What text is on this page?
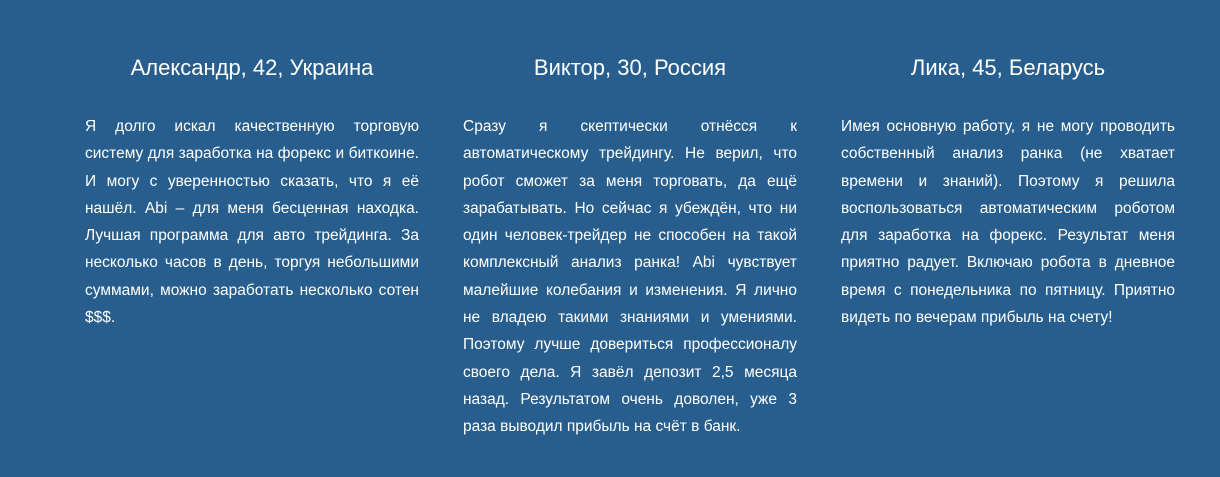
Александр, 42, Украина

Я долго искал качественную торговую систему для заработка на форекс и биткоине. И могу с уверенностью сказать, что я её нашёл. Abi – для меня бесценная находка. Лучшая программа для авто трейдинга. За несколько часов в день, торгуя небольшими суммами, можно заработать несколько сотен $$$.

Виктор, 30, Россия

Сразу я скептически отнёсся к автоматическому трейдингу. Не верил, что робот сможет за меня торговать, да ещё зарабатывать. Но сейчас я убеждён, что ни один человек-трейдер не способен на такой комплексный анализ ранка! Abi чувствует малейшие колебания и изменения. Я лично не владею такими знаниями и умениями. Поэтому лучше довериться профессионалу своего дела. Я завёл депозит 2,5 месяца назад. Результатом очень доволен, уже 3 раза выводил прибыль на счёт в банк.

Лика, 45, Беларусь

Имея основную работу, я не могу проводить собственный анализ ранка (не хватает времени и знаний). Поэтому я решила воспользоваться автоматическим роботом для заработка на форекс. Результат меня приятно радует. Включаю робота в дневное время с понедельника по пятницу. Приятно видеть по вечерам прибыль на счету!
